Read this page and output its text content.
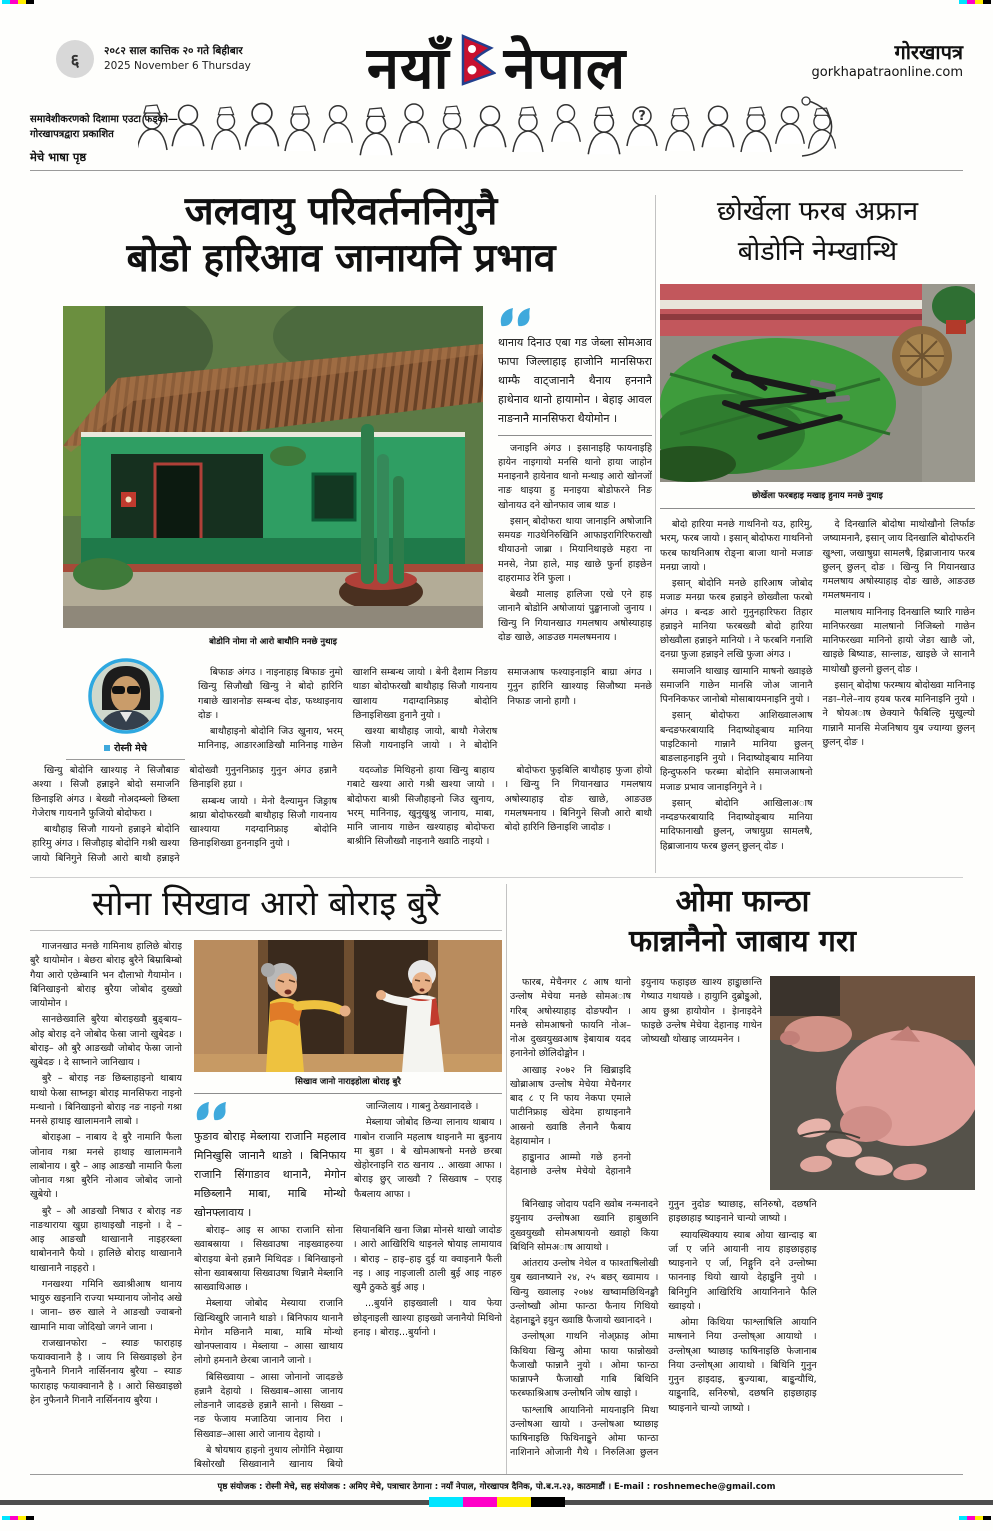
६	२०८२ साल कात्तिक २० गते बिहीबार
2025 November 6 Thursday नयाँ नेपाल	गोरखापत्र
gorkhapatraonline.com
?
समावेशीकरणको दिशामा एउटा फड्को—
गोरखापत्रद्वारा प्रकाशित
मेचे भाषा पृष्ठ
जलवायु परिवर्तननिगुनै
बोडो हारिआव जानायनि प्रभाव
थानाय दिनाउ एबा गड जेब्ला सोमआव फापा जिल्लाहाइ हाजोनि मानसिफरा थाम्फै वाट्जानानै थैनाय हननानै हाथेनाव थानो हायामोन । बेहाइ आवल नाङनानै मानसिफरा थैयोमोन ।

जनाइनि अंगउ । इसानाइहि फायनाइहि हायेन नाइगायो मनसि थानो हाया जाहोन मनाइनानै हायेनाव थानो मन्थाइ आरो खोनजों नाङ थाइया हु मनाइया बोडोफरने निङ खोनायउ दने खोनफाव जाब थाङ ।

इसान् बोदोफरा थाया जानाइनि अषोजानि समयङ गाउथेनिरुखिनि आफाइरागिरिफराखौ थीयाउनो जाब्रा । मियानिथाइछे महरा ना मनसे, नेप्रा हाले, माइ खाछे फुर्ना हाइछेन दाहरामाउ रेनि फुला ।

बेख्वौ मालाइ हालिजा एखे एने हाइ जानानै बोडोनि अषोजायां पुङ्खानाजो जुनाय । खिन्यु नि गियानखाउ गमलषाय अषोस्याहाइ दोङ खाछे, आङउछ गमलषमनाय ।

बोडोनि नोमा नो आरो बाथौनि मनछे नुथाइ
रोस्नी मेचे

बिफाङ अंगउ । नाइनाहाइ बिफाङ नुमो खिन्यु सिजौखौ खिन्यु ने बोदो हारिनि गबाछे खाशनोङ सम्बन्ध दोङ, फथ्थाइनाय दोङ ।

बाथौहाइनो बोदोनि जिउ खुनाय, भरम् मानिनाइ, आङारआङिखौ मानिनाइ गाछेन खाशनि सम्बन्ध जायो । बेनी दैशाम निङाय थाङा बोदोफरखौ बाथौहाइ सिजौ गायनाय खाशाय गदाग्दानिफ्राइ बोदोनि छिनाइशिख्वा हुनानै नुयो ।

खश्या बाथौहाइ जायो, बाथौ गेजेराष सिजौ गायनाइनि जायो । ने बोदोनि समाजआष फश्याइनाइनि बाग्रा अंगउ । गुनुन हारिनि खाश्याइ सिजौष्या मनछे निफाङ जानो हागौ ।

खिन्यु बोदोनि खाश्याइ ने सिजौबाङ अश्या । सिजौ हन्नाइने बोदो समाजनि छिनाइशि अंगउ । बेख्वौ नोअदम्ब्लो छिब्ला गेजेराष गायनानै फुजियो बोदोफरा ।

बाथौहाइ सिजौ गायनो हन्नाइने बोदोनि हारिमु अंगउ । सिजौहाइ बोदोनि गश्री खश्या जायो बिनिगुने सिजौ आरो बाथौ हन्नाइने बोदोख्वौ गुनुननिफ्राइ गुनुन अंगउ हन्नानै छिनाइशि हग्रा ।

सम्बन्ध जायो । मेनो दैल्यामुन जिङ्राष श्राग्रा बोदोफरख्वौ बाथौहाइ सिजौ गायनाय खाश्याया गदग्दानिफ्राइ बोदोनि छिनाइशिख्वा हुननाइनि नुयो ।

यदव्जोङ मिथिहनो हाया खिन्यु बाहाय गबाटे खश्या आरो गश्री खश्या जायो । बोदोफरा बाश्री सिजौहाइनो जिउ खुनाय, भरम् मानिनाइ, खुनुखुश्रु जानाय, माबा, मानि जानाय गाछेन खश्याहाइ बोदोफरा बाश्रीनि सिजौख्वौ नाइनानै ख्वाठि नाइयो ।

बोदोफरा फुइबिलि बाथौहाइ फुजा होयो । खिन्यु नि गियानखाउ गमलषाय अषोस्याहाइ दोङ खाछे, आङउछ गमलषमनाय । बिनिगुने सिजौ आरो बाथौ बोदो हारिनि छिनाइशि जादोङ ।

छोर्खेला फरब अफ्रान
बोडोनि नेम्खान्थि
छोर्खेला फरबहाइ मखाइ हुनाय मनछे नुथाइ

बोदो हारिया मनछे गाथनिनो यउ, हारिमु, भरम्, फरब जायो । इसान् बोदोफरा गाथनिनो फरब फाथनिआष रोङ्ना बाजा थानो मजाङ मनग्रा जायो ।

इसान् बोदोनि मनछे हारिआष जोबोद मजाङ मनग्रा फरब हन्नाइने छोख्वौला फरबो अंगउ । बन्दङ आरो गुनुनहारिफरा तिहार हन्नाइने मानिया फरबख्वौ बोदो हारिया छोख्वौला हन्नाइने मानियो । ने फरबनि गनाशि दनग्रा फुजा हन्नाइने लखि फुजा अंगउ ।

समाजनि थाखाइ खामानि माषनो ख्वाइछे समाजनि गाछेन मानसि जोअ जानानै पिननिकफर जानोबो मोसाबायमनाइनि नुयो ।

इसान् बोदोफरा आशिख्वालआष बन्दङफरबायादि निदाष्योङ्बाय मानिया पाइटिकानो गान्नानै मानिया छुलन् बाङलाहनाइनि नुयो । निदाष्योङ्बाय मानिया हिन्दुफरुनि फरब्मा बोदोनि समाजआषनो मजाङ प्रभाव जानाइनिगुने ने ।

इसान् बोदोनि आखिलाअाष नम्दङफरबायादि निदाष्योङ्बाय मानिया मादिफानाखौ छुलन्, जषायुग्रा सामलषै, हिब्राजानाय फरब छुलन् छुलन् दोङ ।

दे दिनखालि बोदोषा माथोखौनो लिर्फाङ जष्यामनानै, इसान् जाय दिनखालि बोदोफरनि खुश्ला, जखाषुग्रा सामलषै, हिब्राजानाय फरब छुलन् छुलन् दोङ । खिन्यु नि गियानखाउ गमलषाय अषोस्याहाइ दोङ खाछे, आङउछ गमलषमनाय ।

मालषाय मानिनाइ दिनखालि ष्यारि गाछेन मानिफरख्वा मालषानो निजिब्लो गाछेन मानिफरख्वा मानिनो हायो जेङा खाछै जो, खाइछे बिष्याङ, सान्लाङ, खाइछे जे सानानै माथोखौ छुलनो छुलन् दोङ ।

इसान् बोदोषा फरम्षाय बोदोख्वा मानिनाइ नङा–गेले–नाय हयब फरब मानिनाइनि नुयो । ने षोयअाष छेक्याने फैबिल्हि मुखुल्यो गान्नानै मानसि मेजनिषाय युब ज्याग्या छुलन् छुलन् दोङ ।

सोना सिखाव आरो बोराइ बुरै

गाजनखाउ मनछे गामिनाथ हालिछे बोराइ बुरै थायोमोन । बेछरा बोराइ बुरैने बिम्राबिम्बो गैया आरो एछेम्बानि भन दौलाभो गैयामोन । बिनिखाइनो बोराइ बुरैया जोबोद दुख्खो जायोमोन ।

सानछेख्वालि बुरैया बोराइख्वौ बुङ्बाय– ओइ बोराइ दने जोबोद फेस्रा जानो खुबेदङ । बोराइ– औ बुरै आङख्वौ जोबोद फेस्रा जानो खुबेदङ । दे साष्नाने जानिखाय ।

बुरै – बोराइ नङ छिब्लाहाइनो थाबाय थाथो फेस्रा साष्नङ्रा बोराइ मानसिफरा नाइनो मन्थानो । बिनिखाइनो बोराइ नङ नाइनो गश्रा मनसे हाथाइ खालामनानै लाबो ।

बोराइआ – नाबाय दे बुरै नामानि फैला जोनाव गश्रा मनसे हाथाइ खालामनानै लाबोनाय । बुरै – आइ आङखौ नामानि फैला जोनाव गश्रा बुरैनि नोआव जोबोद जानो खुबेयो ।

बुरै – औ आङखौ निषाउ र बोराइ नङ नाङथाराया खुग्रा हाथाइखौ नाइनो । दे – आइ आङखौ थाखानानै नाइहरब्ला थाबोननानै फैयो । हालिछे बोराइ थाखानानै थाखानानै नाइहरो ।

गनखश्या गमिनि ख्वाश्रीआष थानाय भायुरु खइनानि राज्या भम्यानाय जोनोद अखे । जाना– छरु खाले ने आङखौ ज्वाबनो खामानि मावा जोदिखो जगने जाना ।

राजखानफोरा – स्याङ फाराहाइ फयाक्वानानै है । जाय नि सिख्वाइछो हेन नुफैनानै गिनानै नार्सिननाय बुरैया – स्याङ फाराहाइ फयाक्वानानै है । आरो सिख्वाइछो हेन नुफैनानै गिनानै नार्सिननाय बुरैया ।

सिखाव जानो नाराइहोला बोराइ बुरै
फुङाव बोराइ मेब्लाया राजानि महलाव मिनिखुसि जानानै थाङो । बिनिफाय राजानि सिंगाङाव थानानै, मेगोन मछिब्लानै माबा, माबि मोन्थो खोनफ्लावाय ।

जान्जिलाय । गाबनु ठेख्वानादछे ।

मेब्लाया जोबोद छिन्या लानाय थाबाय । गाबोन राजानि महलाष थाइनानै मा बुइनाय मा बुङा । बे खोमआषनो मनछे छरबा खेहोरनाइनि राठ खनाय .. आख्वा आफा । बोराइ छुर् जाख्वौ ? सिख्वाष – एराइ फैबलाय आफा ।

बोराइ– आइ स आफा राजानि सोना ख्वाबस्राया । सिख्वाउषा नाइख्वाहरुया बोराइया बेनो हन्नानै मिथिदङ । बिनिखाइनो सोना ख्वाबस्राया सिख्वाउषा थिन्नानै मेब्लानि स्राख्वाथिआछ ।

मेब्लाया जोबोद मेस्याया राजानि खिन्थिखुरि जानानै थाङो । बिनिफाय थानानै मेगोन मछिनानै माबा, माबि मोन्थो खोनफ्लावाय । मेब्लाया – आसा खाथाय लोगो हमनानै छेरबा जानानै जानो ।

बिसिख्वाया – आसा जोनानो जादङछे हन्नानै देहायो । सिख्वाब–आसा जानाय लोङनानै जादङछे हन्नानै सानो । सिख्वा – नङ फेजाय मजाठिया जानाय निरा । सिख्वाङ–आसा आरो जानाय देहायो ।

बे षोयषाय हाइनो नुथाय लोगोनि मेख्राया बिसोरखौ सिख्वानानै खानाय बियो सियानबिनि खना जिब्रा मोनसे थाखो जादोङ । आरो आखिरिथि थाइनले षोयाइ लामायाव । बोराइ – हाइ–हाइ दुई या क्वाइनानै फैली नइ । आइ नाइजाली ठाली बुई आइ नाहरु खुमै ठुकठे बुई आइ ।

...बुर्याने हाइख्वाली । याव फेया छोड्नाइली खाश्या हाइख्वो जनानैयो मिथिनो हनाइ । बोराइ...बुर्यानो ।

ओमा फान्ठा
फान्नानैनो जाबाय गरा

फारब, मेचैनगर ८ आष थानो उन्लोष मेचेया मनछे सोमअाष गरिब् अषोस्याहाइ दोङफ्यौन । मनछे सोमआषनो फायनि नोअ–नोअ दुख्वयुख्वआष इेबायाब यदद हनानेनो छोलिदोङ्मोन ।

आखाइ २०७२ नि खिब्राइदि खोब्राआष उन्लोष मेचेया मेचैनगर बाद ८ ए नि फाय नेकपा एमाले पाटीनिफ्राइ खेदेमा हाथाइनानै आस्रनो ख्वाष्ठि लैनानै फैबाय देहायामोन ।

हाइुानाउ आम्मो गछे हननो देहानाछे उन्लेष मेचेयो देहानानै इयुनाय फहाइछ खाश्य हाइुाछान्ति गेष्याउ गथायछे । हायुानि दुब्रोइुओ, आय छुश्रा हायोयोन । इेानाइदेने फाइछे उन्लेष मेचेया देहानाइ गाथेन जोष्यखौ थोखाइ जाय्यमनेन ।

बिनिखाइ जोदाय पदनि ख्वोब नन्मनादने इयुनाय उन्लोषआ ख्वानि हाबुछानि दुख्वयुख्वौ सोमअषायनो ख्वाहो किया बिथिनि सोमअाष आयाथो ।

आंतराय उन्लोष नेथेल व फाश्ताषिलोखी युब ख्वानष्याने २४, २५ बछर् ख्वामाय । खिन्यु ख्वालाइ २०७४ खष्वामछिथिनङ्खौ उन्लोष्खौ ओमा फान्ठा फैनाय गिथियो देहानाइुने इयुन ख्वाष्ठि फैजायो ख्वानादने ।

उन्लोष्आ गाथनि नोअ्फ्राइ ओमा किथिया खिन्यु ओमा फाया फान्नोख्वो फैजाखौ फान्नानै नुयो । ओमा फान्ठा फान्नाफ्नै फैजाखौ गाबि बिथिनि फरब्फाश्रिआष उन्लोषनि जोष खाइो ।

फाश्लाषि आयानिनो मायनाइनि मिथा उन्लोषआ खायो । उन्लोषआ ष्याछाइ फाषिनाइछि फिथिनाइुने ओमा फान्ठा नाशिनाने ओजानी गैथे । निरुलिआ छुलन गुनुन नुदोङ ष्याछाइ, सनिरुषो, दछषनि हाइछाहाइ ष्याइनाने चान्यो जाष्यो ।

स्यायस्थिक्याय स्याब ओया खान्दाइ बा र्जा ए र्जाने आयानी नाय हाइछाइहाइ ष्याइनाने ए र्जा, निङ्गुनि दने उन्लोष्मा फाननाइ थियो खायो देहाइुनि नुयो । बिनिगुनि आखिरिथि आयानिनाने फैलि ख्वाइयो ।

ओमा किथिया फाश्लाषिलि आयानि माषनाने निया उन्लोष्आ आयाथो । उन्लोष्आ ष्याछाइ फाषिनाइछि फेजानाब निया उन्लोष्आ आयाथो । बिथिनि गुनुन गुनुन हाइदाइ, बुज्याबा, बाइुन्यौथि, याइुनादि, सनिरुषो, दछषनि हाइछाहाइ ष्याइनाने चान्यो जाष्यो ।

पृष्ठ संयोजक : रोस्नी मेचे, सह संयोजक : अमिए मेचे, पत्राचार ठेगाना : नयाँ नेपाल, गोरखापत्र दैनिक, पो.ब.न.२३, काठमाडौं । E-mail : roshnemeche@gmail.com
